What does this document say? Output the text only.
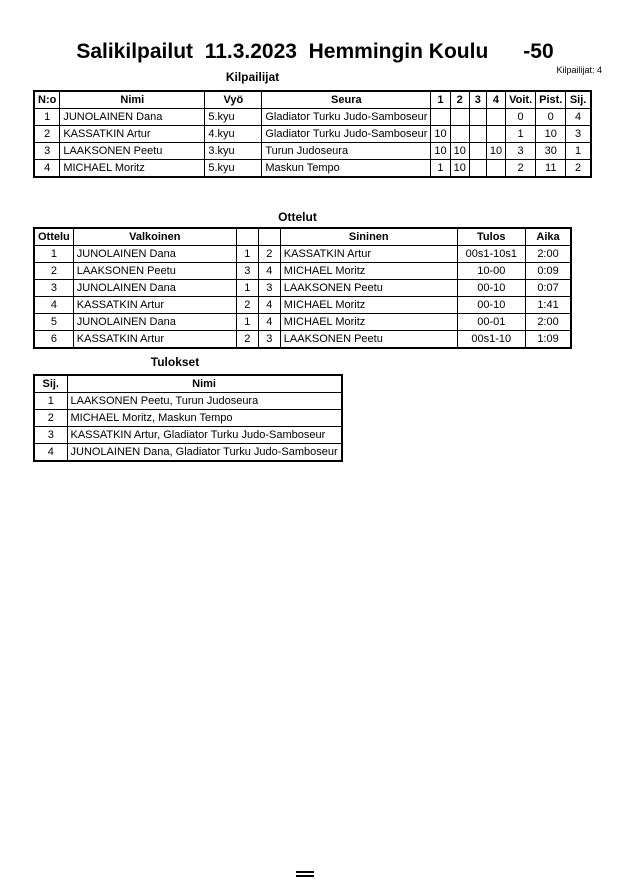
Salikilpailut  11.3.2023  Hemmingin Koulu      -50
Kilpailijat: 4
Kilpailijat
N:o	Nimi	Vyö	Seura	1	2	3	4	Voit.	Pist.	Sij.
1	JUNOLAINEN Dana	5.kyu	Gladiator Turku Judo-Samboseur					0	0	4
2	KASSATKIN Artur	4.kyu	Gladiator Turku Judo-Samboseur	10				1	10	3
3	LAAKSONEN Peetu	3.kyu	Turun Judoseura	10	10		10	3	30	1
4	MICHAEL Moritz	5.kyu	Maskun Tempo	1	10			2	11	2
Ottelut
Ottelu	Valkoinen			Sininen	Tulos	Aika
1	JUNOLAINEN Dana	1	2	KASSATKIN Artur	00s1-10s1	2:00
2	LAAKSONEN Peetu	3	4	MICHAEL Moritz	10-00	0:09
3	JUNOLAINEN Dana	1	3	LAAKSONEN Peetu	00-10	0:07
4	KASSATKIN Artur	2	4	MICHAEL Moritz	00-10	1:41
5	JUNOLAINEN Dana	1	4	MICHAEL Moritz	00-01	2:00
6	KASSATKIN Artur	2	3	LAAKSONEN Peetu	00s1-10	1:09
Tulokset
Sij.	Nimi
1	LAAKSONEN Peetu, Turun Judoseura
2	MICHAEL Moritz, Maskun Tempo
3	KASSATKIN Artur, Gladiator Turku Judo-Samboseur
4	JUNOLAINEN Dana, Gladiator Turku Judo-Samboseur
